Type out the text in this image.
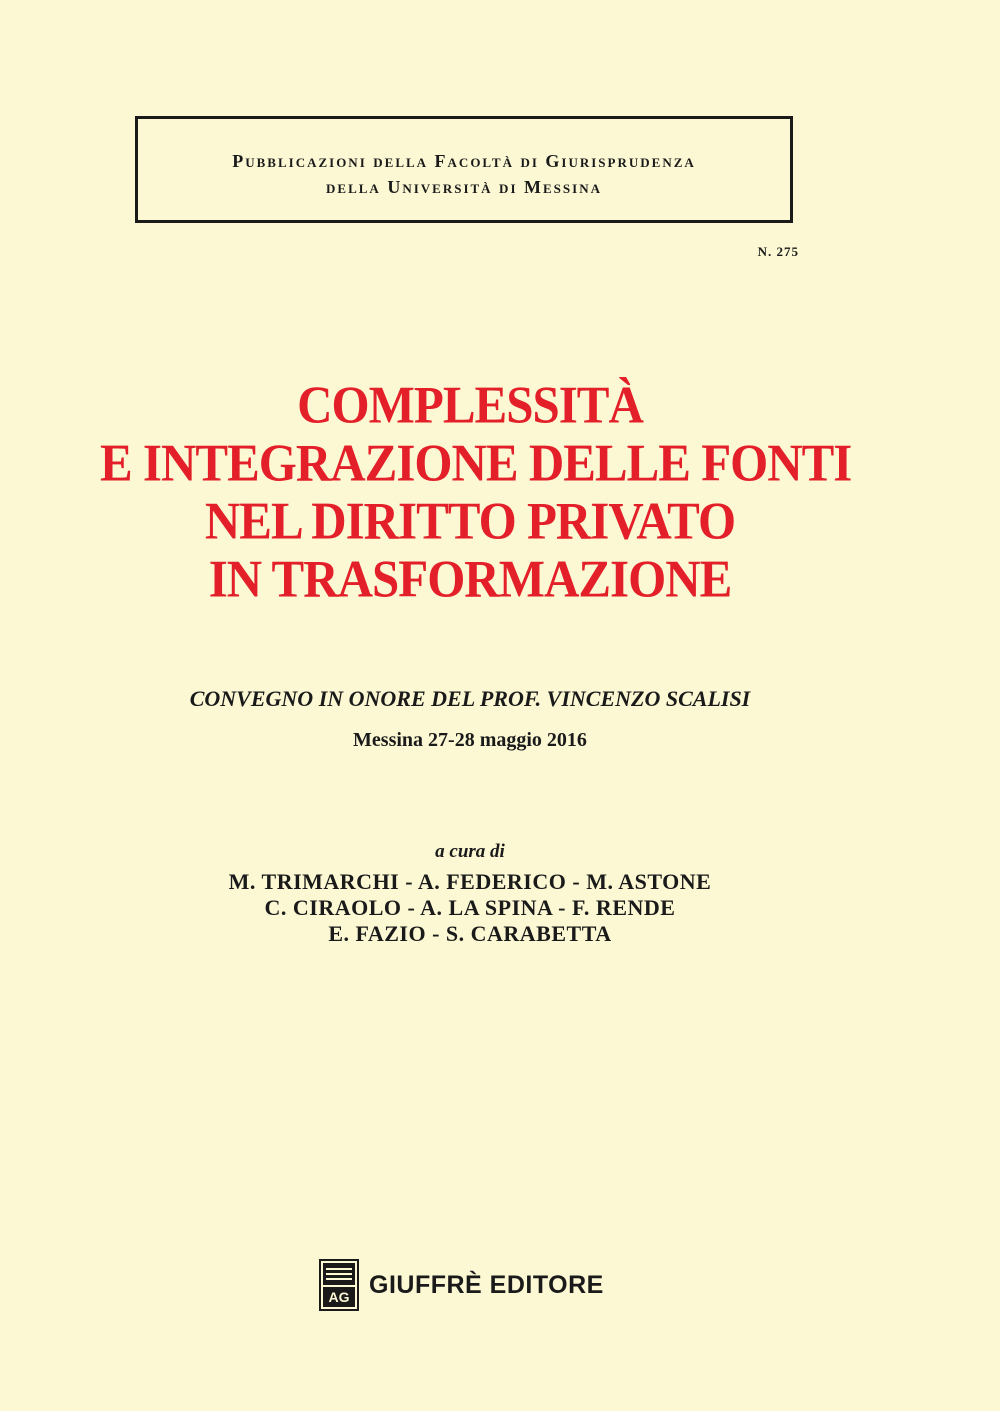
Pubblicazioni della Facoltà di Giurisprudenza
della Università di Messina
N. 275
COMPLESSITÀ
E INTEGRAZIONE DELLE FONTI
NEL DIRITTO PRIVATO
IN TRASFORMAZIONE
CONVEGNO IN ONORE DEL PROF. VINCENZO SCALISI
Messina 27-28 maggio 2016
a cura di
M. TRIMARCHI - A. FEDERICO - M. ASTONE
C. CIRAOLO - A. LA SPINA - F. RENDE
E. FAZIO - S. CARABETTA
AG GIUFFRÈ EDITORE
